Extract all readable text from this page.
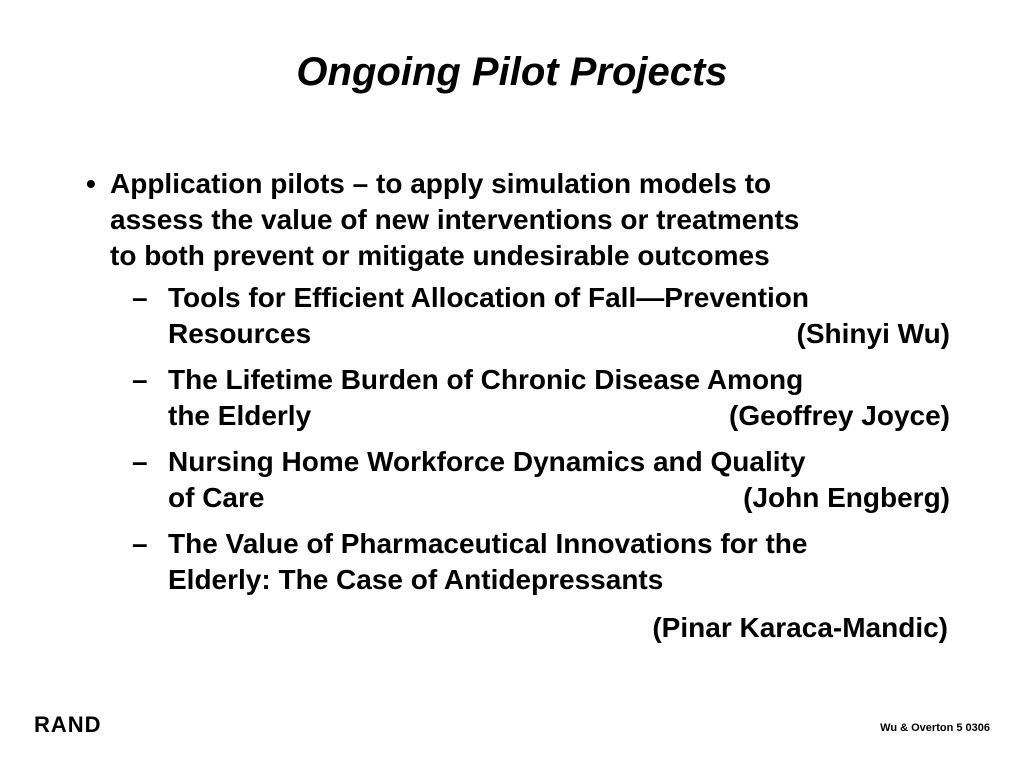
Ongoing Pilot Projects
• Application pilots – to apply simulation models to
assess the value of new interventions or treatments
to both prevent or mitigate undesirable outcomes
– Tools for Efficient Allocation of Fall—Prevention
Resources	(Shinyi Wu)
– The Lifetime Burden of Chronic Disease Among
the Elderly	(Geoffrey Joyce)
– Nursing Home Workforce Dynamics and Quality
of Care	(John Engberg)
– The Value of Pharmaceutical Innovations for the
Elderly: The Case of Antidepressants
(Pinar Karaca-Mandic)
RAND	Wu & Overton 5 0306
